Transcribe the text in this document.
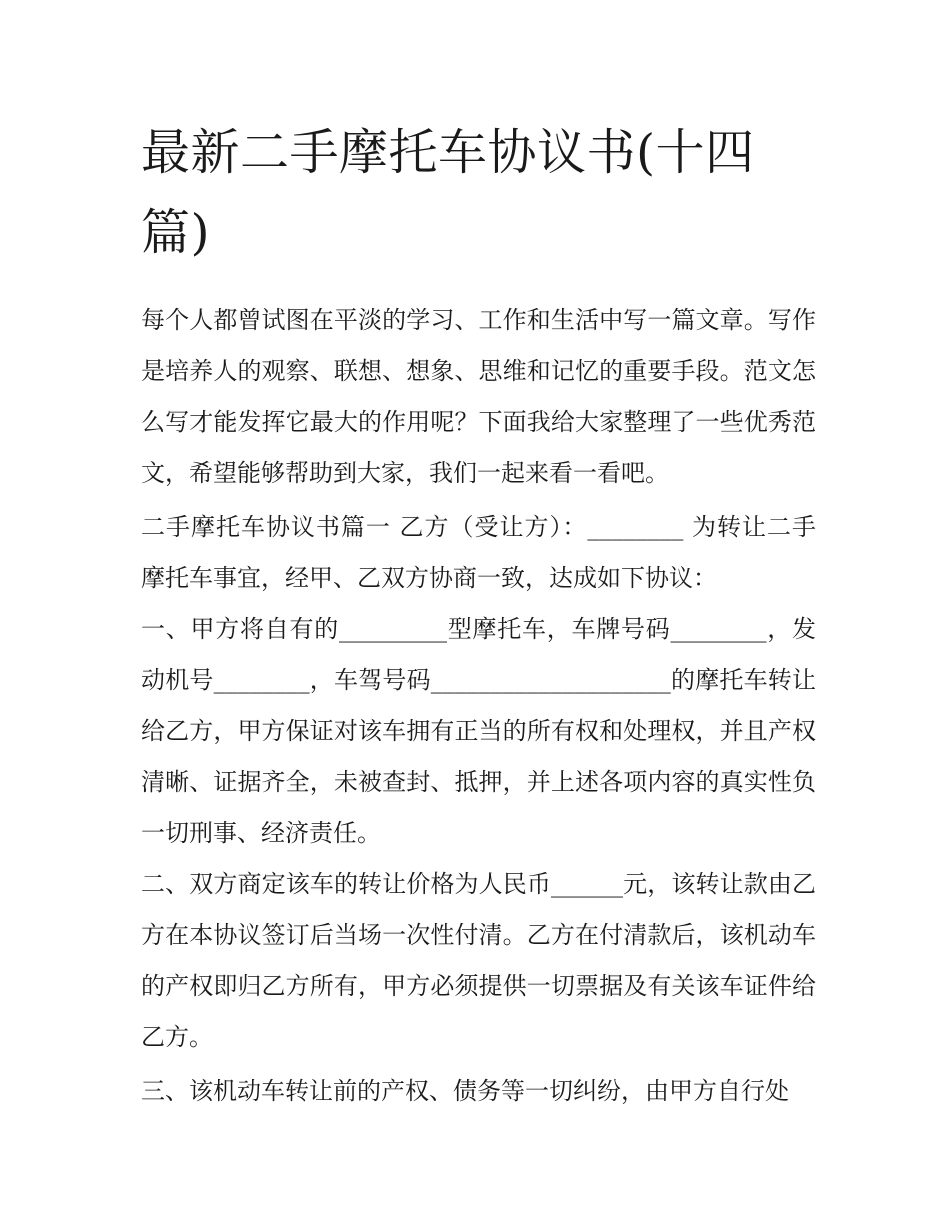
最新二手摩托车协议书(十四篇)

每个人都曾试图在平淡的学习、工作和生活中写一篇文章。写作是培养人的观察、联想、想象、思维和记忆的重要手段。范文怎么写才能发挥它最大的作用呢？下面我给大家整理了一些优秀范文，希望能够帮助到大家，我们一起来看一看吧。

二手摩托车协议书篇一 乙方（受让方）：________ 为转让二手摩托车事宜，经甲、乙双方协商一致，达成如下协议：

一、甲方将自有的_________型摩托车，车牌号码________，发动机号________，车驾号码____________________的摩托车转让给乙方，甲方保证对该车拥有正当的所有权和处理权，并且产权清晰、证据齐全，未被查封、抵押，并上述各项内容的真实性负一切刑事、经济责任。

二、双方商定该车的转让价格为人民币______元，该转让款由乙方在本协议签订后当场一次性付清。乙方在付清款后，该机动车的产权即归乙方所有，甲方必须提供一切票据及有关该车证件给乙方。

三、该机动车转让前的产权、债务等一切纠纷，由甲方自行处
